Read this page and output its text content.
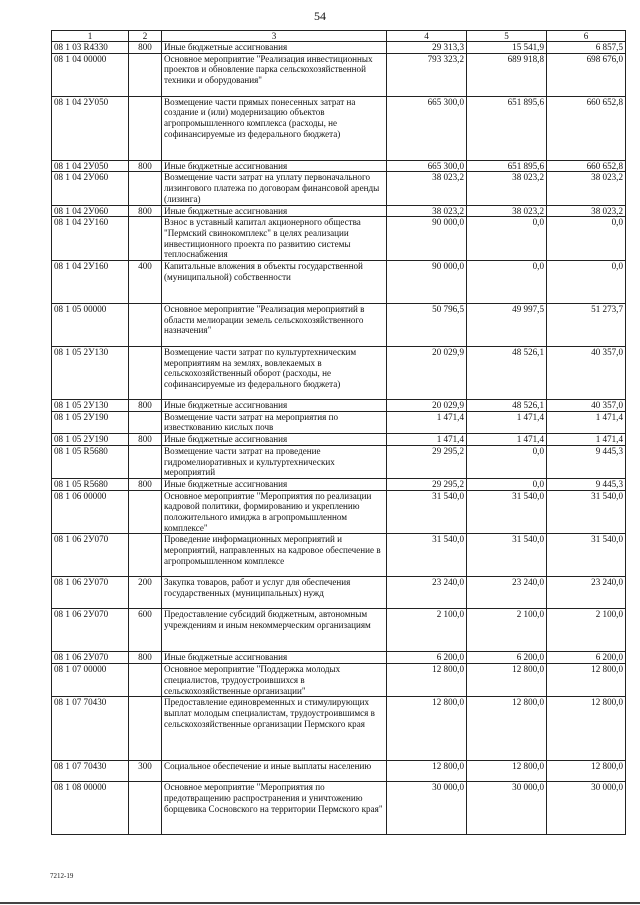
54
1	2	3	4	5	6
08 1 03 R4330	800	Иные бюджетные ассигнования	29 313,3	15 541,9	6 857,5
08 1 04 00000		Основное мероприятие "Реализация инвестиционных проектов и обновление парка сельскохозяйственной техники и оборудования"	793 323,2	689 918,8	698 676,0
08 1 04 2У050		Возмещение части прямых понесенных затрат на создание и (или) модернизацию объектов агропромышленного комплекса (расходы, не софинансируемые из федерального бюджета)	665 300,0	651 895,6	660 652,8
08 1 04 2У050	800	Иные бюджетные ассигнования	665 300,0	651 895,6	660 652,8
08 1 04 2У060		Возмещение части затрат на уплату первоначального лизингового платежа по договорам финансовой аренды (лизинга)	38 023,2	38 023,2	38 023,2
08 1 04 2У060	800	Иные бюджетные ассигнования	38 023,2	38 023,2	38 023,2
08 1 04 2У160		Взнос в уставный капитал акционерного общества "Пермский свинокомплекс" в целях реализации инвестиционного проекта по развитию системы теплоснабжения	90 000,0	0,0	0,0
08 1 04 2У160	400	Капитальные вложения в объекты государственной (муниципальной) собственности	90 000,0	0,0	0,0
08 1 05 00000		Основное мероприятие "Реализация мероприятий в области мелиорации земель сельскохозяйственного назначения"	50 796,5	49 997,5	51 273,7
08 1 05 2У130		Возмещение части затрат по культуртехническим мероприятиям на землях, вовлекаемых в сельскохозяйственный оборот (расходы, не софинансируемые из федерального бюджета)	20 029,9	48 526,1	40 357,0
08 1 05 2У130	800	Иные бюджетные ассигнования	20 029,9	48 526,1	40 357,0
08 1 05 2У190		Возмещение части затрат на мероприятия по известкованию кислых почв	1 471,4	1 471,4	1 471,4
08 1 05 2У190	800	Иные бюджетные ассигнования	1 471,4	1 471,4	1 471,4
08 1 05 R5680		Возмещение части затрат на проведение гидромелиоративных и культуртехнических мероприятий	29 295,2	0,0	9 445,3
08 1 05 R5680	800	Иные бюджетные ассигнования	29 295,2	0,0	9 445,3
08 1 06 00000		Основное мероприятие "Мероприятия по реализации кадровой политики, формированию и укреплению положительного имиджа в агропромышленном комплексе"	31 540,0	31 540,0	31 540,0
08 1 06 2У070		Проведение информационных мероприятий и мероприятий, направленных на кадровое обеспечение в агропромышленном комплексе	31 540,0	31 540,0	31 540,0
08 1 06 2У070	200	Закупка товаров, работ и услуг для обеспечения государственных (муниципальных) нужд	23 240,0	23 240,0	23 240,0
08 1 06 2У070	600	Предоставление субсидий бюджетным, автономным учреждениям и иным некоммерческим организациям	2 100,0	2 100,0	2 100,0
08 1 06 2У070	800	Иные бюджетные ассигнования	6 200,0	6 200,0	6 200,0
08 1 07 00000		Основное мероприятие "Поддержка молодых специалистов, трудоустроившихся в сельскохозяйственные организации"	12 800,0	12 800,0	12 800,0
08 1 07 70430		Предоставление единовременных и стимулирующих выплат молодым специалистам, трудоустроившимся в сельскохозяйственные организации Пермского края	12 800,0	12 800,0	12 800,0
08 1 07 70430	300	Социальное обеспечение и иные выплаты населению	12 800,0	12 800,0	12 800,0
08 1 08 00000		Основное мероприятие "Мероприятия по предотвращению распространения и уничтожению борщевика Сосновского на территории Пермского края"	30 000,0	30 000,0	30 000,0
7212-19
